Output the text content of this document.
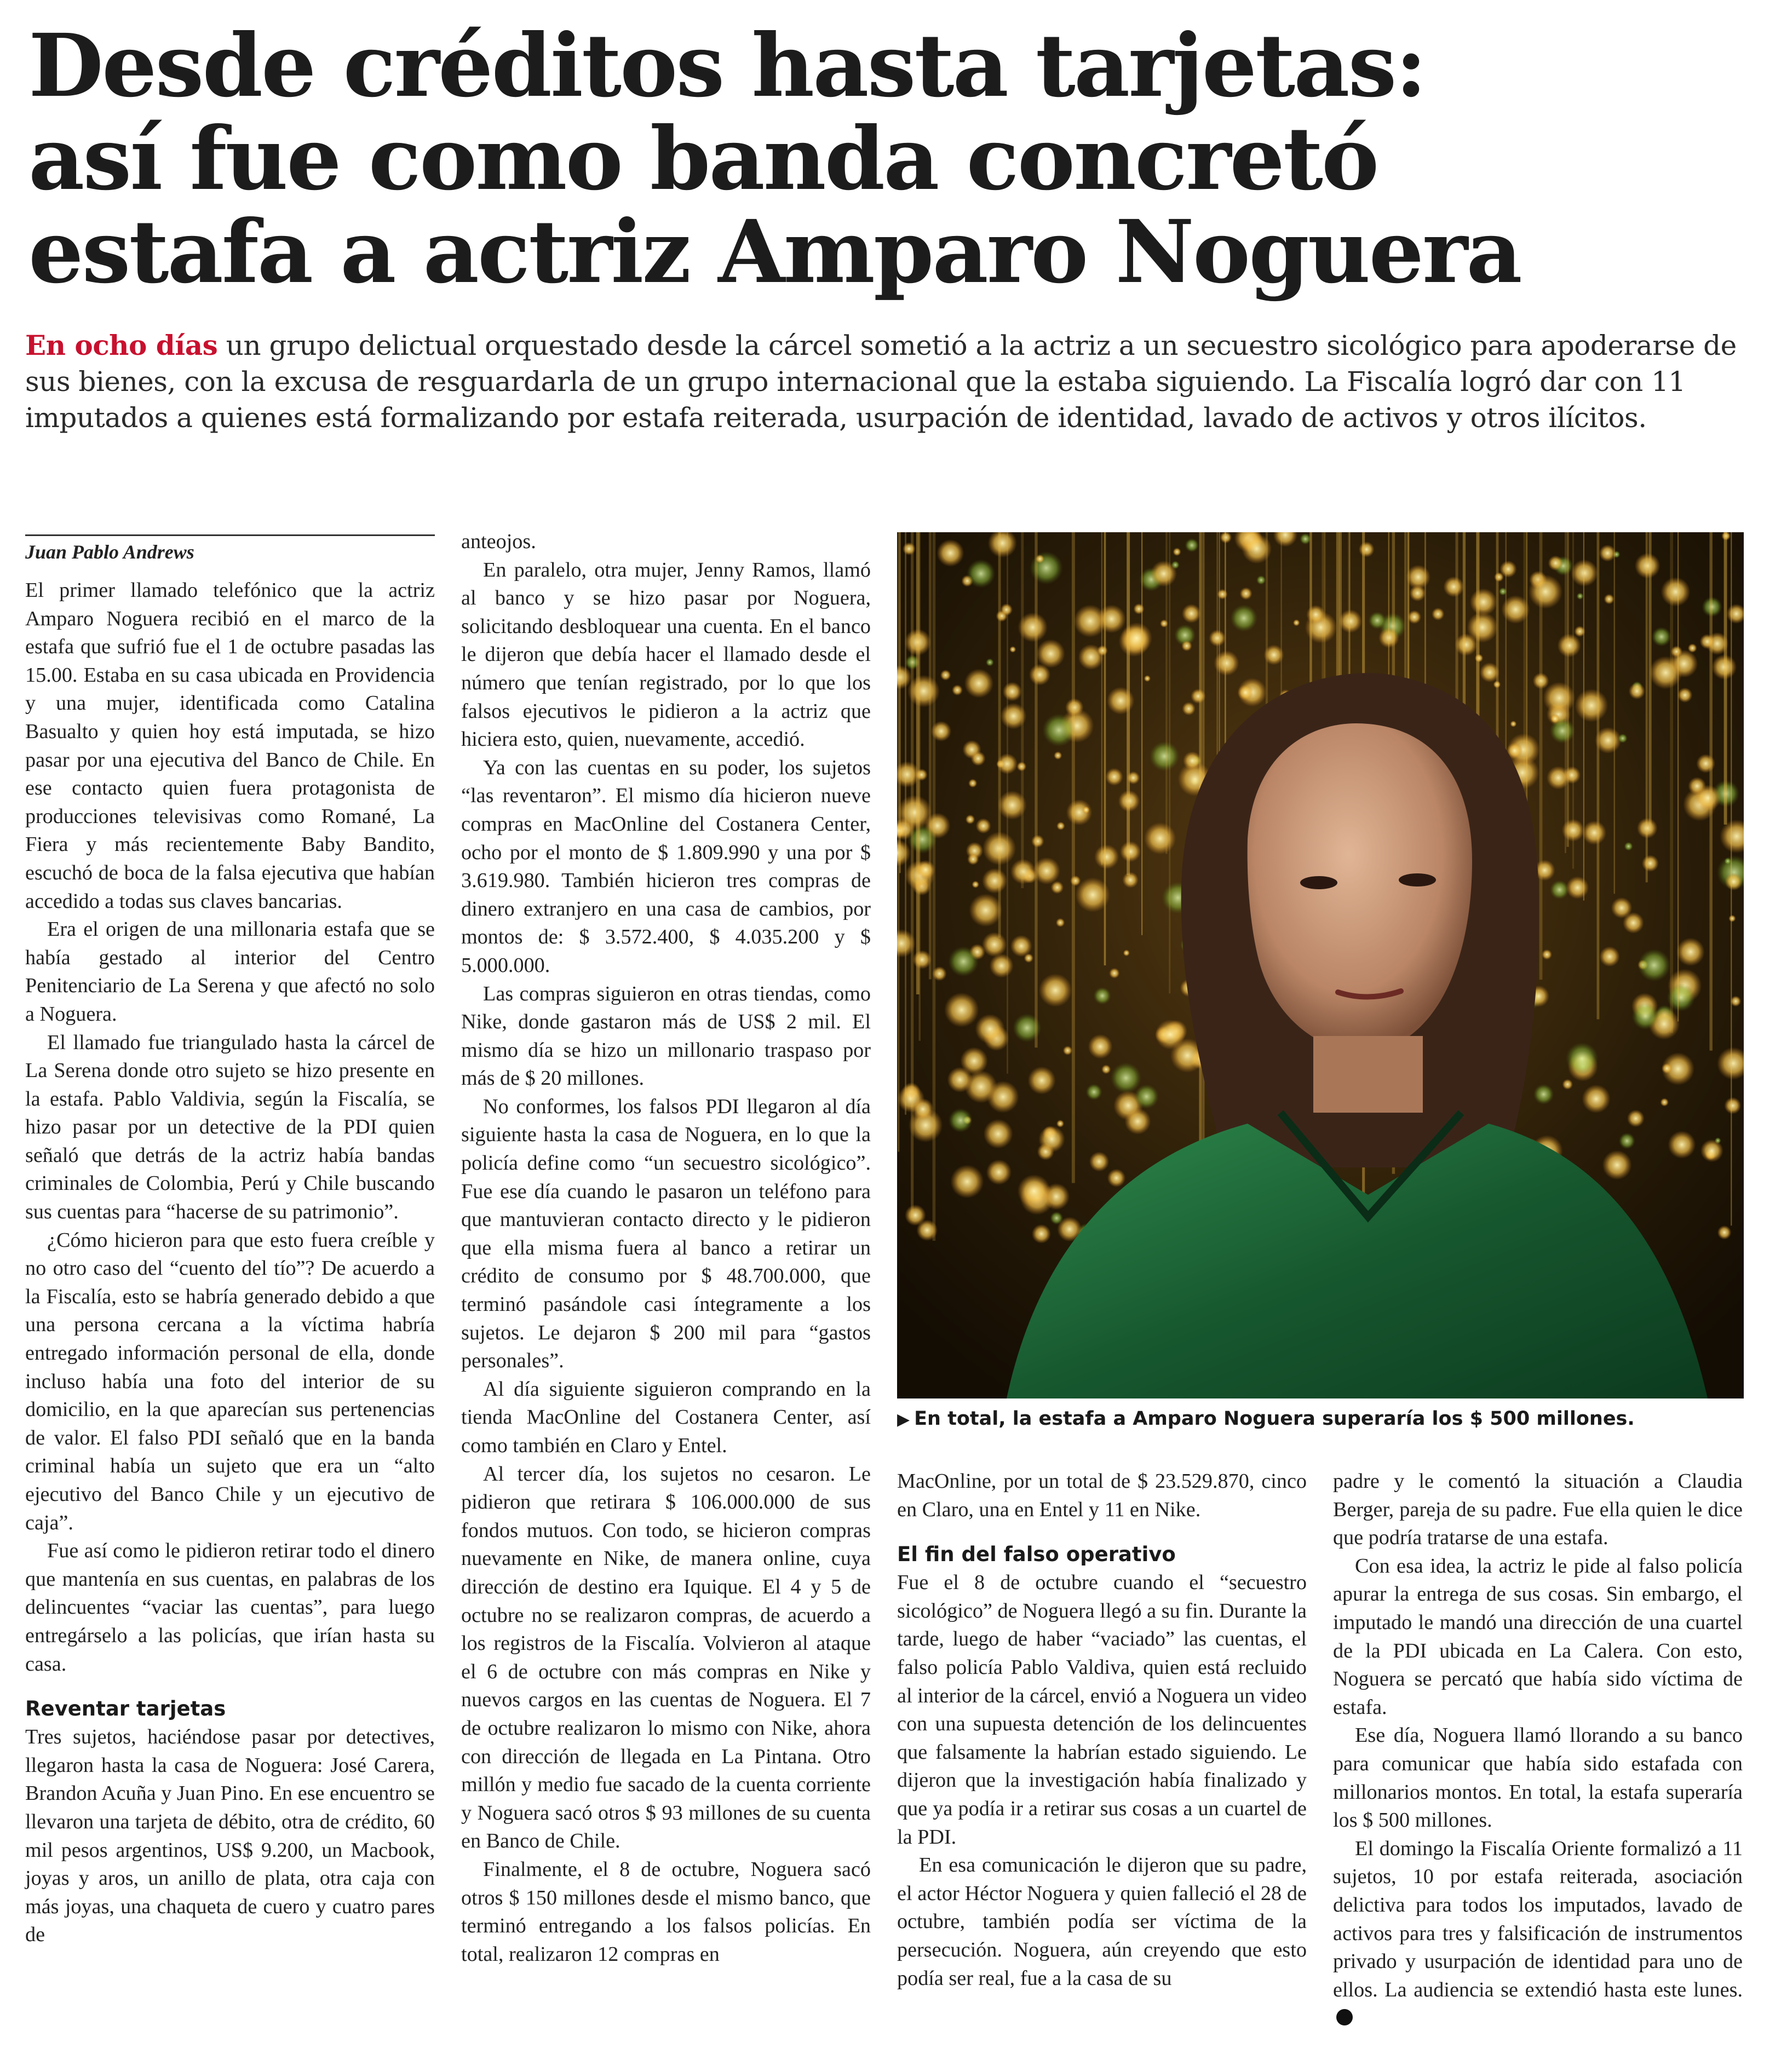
Desde créditos hasta tarjetas:
así fue como banda concretó
estafa a actriz Amparo Noguera
En ocho días un grupo delictual orquestado desde la cárcel sometió a la actriz a un secuestro sicológico para apoderarse de sus bienes, con la excusa de resguardarla de un grupo internacional que la estaba siguiendo. La Fiscalía logró dar con 11 imputados a quienes está formalizando por estafa reiterada, usurpación de identidad, lavado de activos y otros ilícitos.
Juan Pablo Andrews

El primer llamado telefónico que la actriz Amparo Noguera recibió en el marco de la estafa que sufrió fue el 1 de octubre pasadas las 15.00. Estaba en su casa ubicada en Providencia y una mujer, identificada como Catalina Basualto y quien hoy está imputada, se hizo pasar por una ejecutiva del Banco de Chile. En ese contacto quien fuera protagonista de producciones televisivas como Romané, La Fiera y más recientemente Baby Bandito, escuchó de boca de la falsa ejecutiva que habían accedido a todas sus claves bancarias.

Era el origen de una millonaria estafa que se había gestado al interior del Centro Penitenciario de La Serena y que afectó no solo a Noguera.

El llamado fue triangulado hasta la cárcel de La Serena donde otro sujeto se hizo presente en la estafa. Pablo Valdivia, según la Fiscalía, se hizo pasar por un detective de la PDI quien señaló que detrás de la actriz había bandas criminales de Colombia, Perú y Chile buscando sus cuentas para “hacerse de su patrimonio”.

¿Cómo hicieron para que esto fuera creíble y no otro caso del “cuento del tío”? De acuerdo a la Fiscalía, esto se habría generado debido a que una persona cercana a la víctima habría entregado información personal de ella, donde incluso había una foto del interior de su domicilio, en la que aparecían sus pertenencias de valor. El falso PDI señaló que en la banda criminal había un sujeto que era un “alto ejecutivo del Banco Chile y un ejecutivo de caja”.

Fue así como le pidieron retirar todo el dinero que mantenía en sus cuentas, en palabras de los delincuentes “vaciar las cuentas”, para luego entregárselo a las policías, que irían hasta su casa.

Reventar tarjetas

Tres sujetos, haciéndose pasar por detectives, llegaron hasta la casa de Noguera: José Carera, Brandon Acuña y Juan Pino. En ese encuentro se llevaron una tarjeta de débito, otra de crédito, 60 mil pesos argentinos, US$ 9.200, un Macbook, joyas y aros, un anillo de plata, otra caja con más joyas, una chaqueta de cuero y cuatro pares de

anteojos.

En paralelo, otra mujer, Jenny Ramos, llamó al banco y se hizo pasar por Noguera, solicitando desbloquear una cuenta. En el banco le dijeron que debía hacer el llamado desde el número que tenían registrado, por lo que los falsos ejecutivos le pidieron a la actriz que hiciera esto, quien, nuevamente, accedió.

Ya con las cuentas en su poder, los sujetos “las reventaron”. El mismo día hicieron nueve compras en MacOnline del Costanera Center, ocho por el monto de $ 1.809.990 y una por $ 3.619.980. También hicieron tres compras de dinero extranjero en una casa de cambios, por montos de: $ 3.572.400, $ 4.035.200 y $ 5.000.000.

Las compras siguieron en otras tiendas, como Nike, donde gastaron más de US$ 2 mil. El mismo día se hizo un millonario traspaso por más de $ 20 millones.

No conformes, los falsos PDI llegaron al día siguiente hasta la casa de Noguera, en lo que la policía define como “un secuestro sicológico”. Fue ese día cuando le pasaron un teléfono para que mantuvieran contacto directo y le pidieron que ella misma fuera al banco a retirar un crédito de consumo por $ 48.700.000, que terminó pasándole casi íntegramente a los sujetos. Le dejaron $ 200 mil para “gastos personales”.

Al día siguiente siguieron comprando en la tienda MacOnline del Costanera Center, así como también en Claro y Entel.

Al tercer día, los sujetos no cesaron. Le pidieron que retirara $ 106.000.000 de sus fondos mutuos. Con todo, se hicieron compras nuevamente en Nike, de manera online, cuya dirección de destino era Iquique. El 4 y 5 de octubre no se realizaron compras, de acuerdo a los registros de la Fiscalía. Volvieron al ataque el 6 de octubre con más compras en Nike y nuevos cargos en las cuentas de Noguera. El 7 de octubre realizaron lo mismo con Nike, ahora con dirección de llegada en La Pintana. Otro millón y medio fue sacado de la cuenta corriente y Noguera sacó otros $ 93 millones de su cuenta en Banco de Chile.

Finalmente, el 8 de octubre, Noguera sacó otros $ 150 millones desde el mismo banco, que terminó entregando a los falsos policías. En total, realizaron 12 compras en

▶ En total, la estafa a Amparo Noguera superaría los $ 500 millones.

MacOnline, por un total de $ 23.529.870, cinco en Claro, una en Entel y 11 en Nike.

El fin del falso operativo

Fue el 8 de octubre cuando el “secuestro sicológico” de Noguera llegó a su fin. Durante la tarde, luego de haber “vaciado” las cuentas, el falso policía Pablo Valdiva, quien está recluido al interior de la cárcel, envió a Noguera un video con una supuesta detención de los delincuentes que falsamente la habrían estado siguiendo. Le dijeron que la investigación había finalizado y que ya podía ir a retirar sus cosas a un cuartel de la PDI.

En esa comunicación le dijeron que su padre, el actor Héctor Noguera y quien falleció el 28 de octubre, también podía ser víctima de la persecución. Noguera, aún creyendo que esto podía ser real, fue a la casa de su

padre y le comentó la situación a Claudia Berger, pareja de su padre. Fue ella quien le dice que podría tratarse de una estafa.

Con esa idea, la actriz le pide al falso policía apurar la entrega de sus cosas. Sin embargo, el imputado le mandó una dirección de una cuartel de la PDI ubicada en La Calera. Con esto, Noguera se percató que había sido víctima de estafa.

Ese día, Noguera llamó llorando a su banco para comunicar que había sido estafada con millonarios montos. En total, la estafa superaría los $ 500 millones.

El domingo la Fiscalía Oriente formalizó a 11 sujetos, 10 por estafa reiterada, asociación delictiva para todos los imputados, lavado de activos para tres y falsificación de instrumentos privado y usurpación de identidad para uno de ellos. La audiencia se extendió hasta este lunes.
